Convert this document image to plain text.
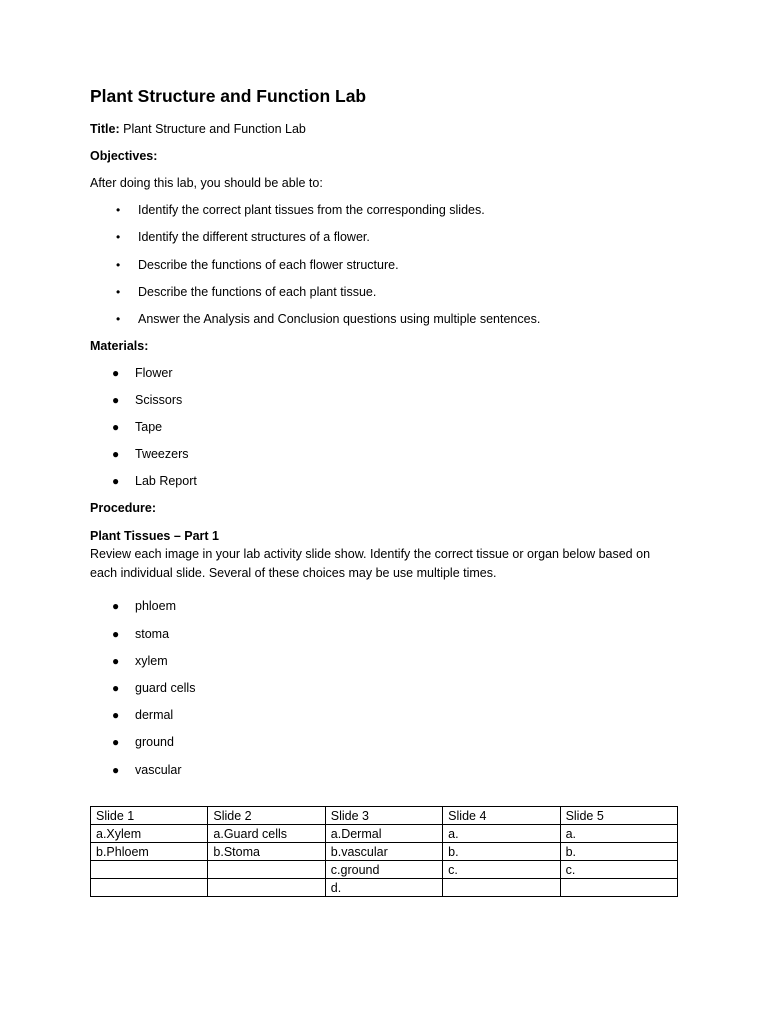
Plant Structure and Function Lab
Title: Plant Structure and Function Lab
Objectives:
After doing this lab, you should be able to:
• Identify the correct plant tissues from the corresponding slides.
• Identify the different structures of a flower.
• Describe the functions of each flower structure.
• Describe the functions of each plant tissue.
• Answer the Analysis and Conclusion questions using multiple sentences.
Materials:
● Flower
● Scissors
● Tape
● Tweezers
● Lab Report
Procedure:
Plant Tissues – Part 1
Review each image in your lab activity slide show. Identify the correct tissue or organ below based on each individual slide. Several of these choices may be use multiple times.
● phloem
● stoma
● xylem
● guard cells
● dermal
● ground
● vascular
Slide 1	Slide 2	Slide 3	Slide 4	Slide 5
a.Xylem	a.Guard cells	a.Dermal	a.	a.
b.Phloem	b.Stoma	b.vascular	b.	b.
		c.ground	c.	c.
		d.		
